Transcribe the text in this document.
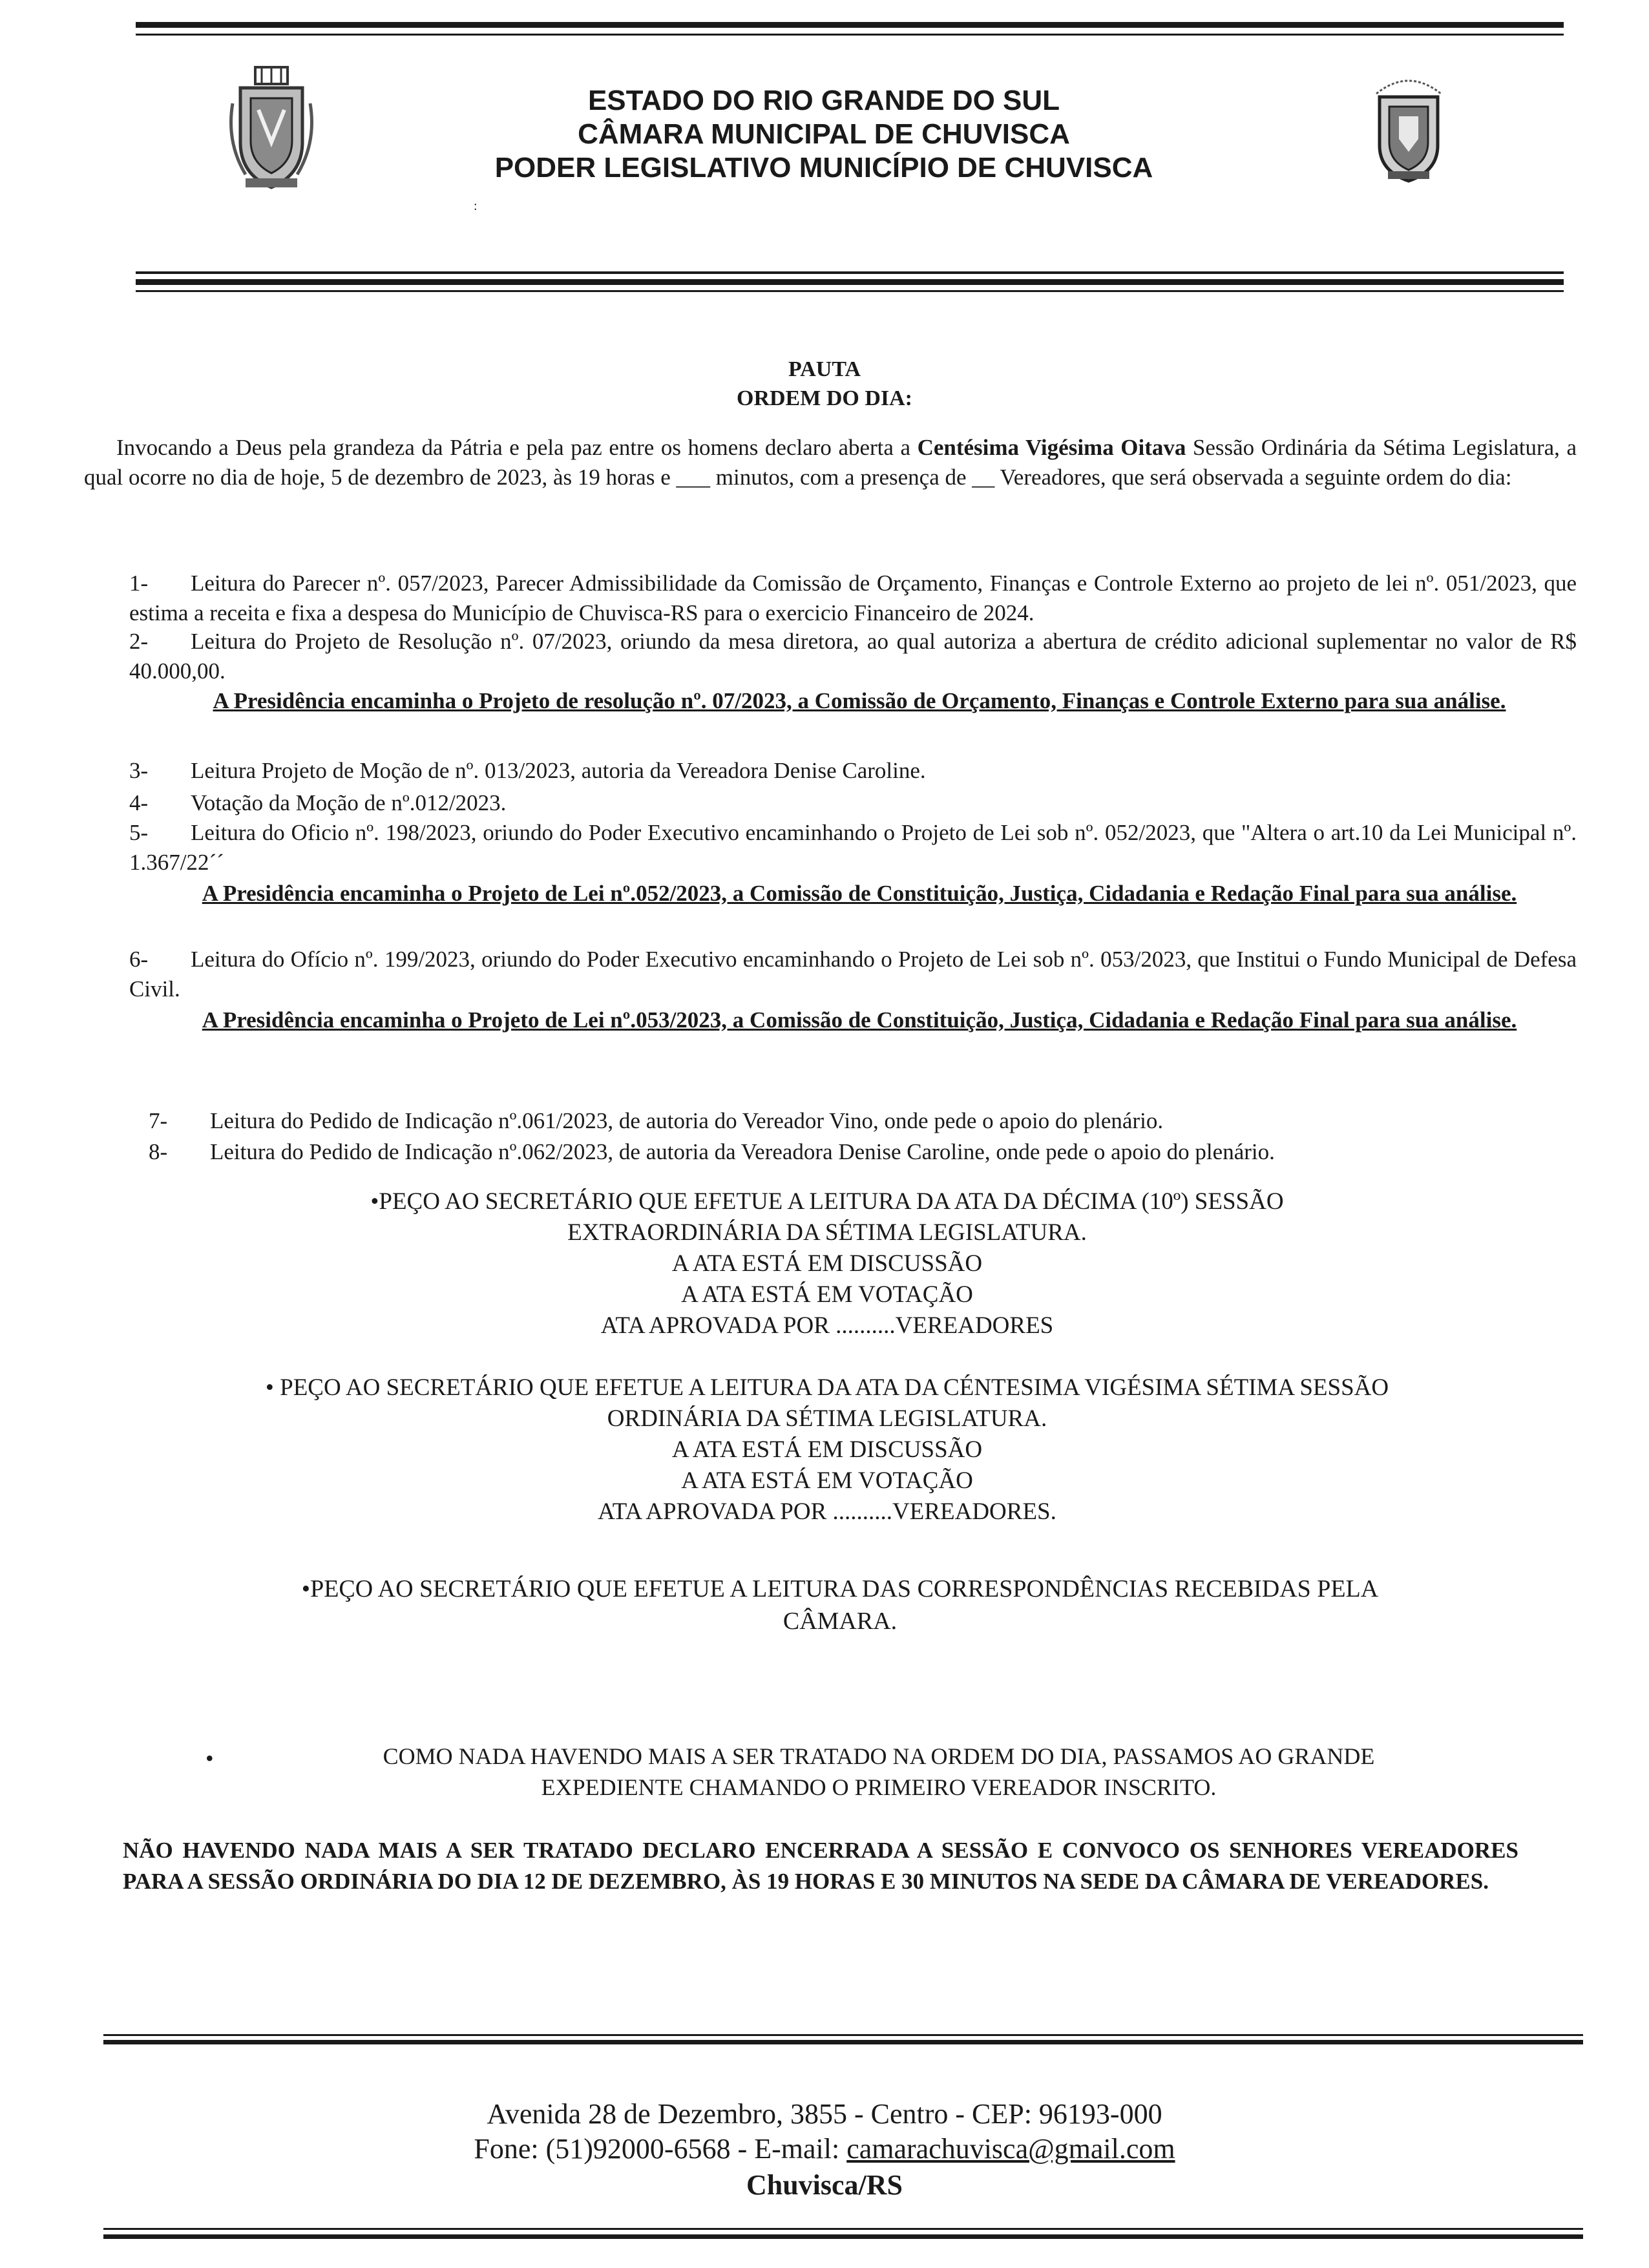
ESTADO DO RIO GRANDE DO SUL
CÂMARA MUNICIPAL DE CHUVISCA
PODER LEGISLATIVO MUNICÍPIO DE CHUVISCA
:
PAUTA
ORDEM DO DIA:
Invocando a Deus pela grandeza da Pátria e pela paz entre os homens declaro aberta a Centésima Vigésima Oitava Sessão Ordinária da Sétima Legislatura, a qual ocorre no dia de hoje, 5 de dezembro de 2023, às 19 horas e ___ minutos, com a presença de __ Vereadores, que será observada a seguinte ordem do dia:
1- Leitura do Parecer nº. 057/2023, Parecer Admissibilidade da Comissão de Orçamento, Finanças e Controle Externo ao projeto de lei nº. 051/2023, que estima a receita e fixa a despesa do Município de Chuvisca-RS para o exercicio Financeiro de 2024.
2- Leitura do Projeto de Resolução nº. 07/2023, oriundo da mesa diretora, ao qual autoriza a abertura de crédito adicional suplementar no valor de R$ 40.000,00.
A Presidência encaminha o Projeto de resolução nº. 07/2023, a Comissão de Orçamento, Finanças e Controle Externo para sua análise.
3- Leitura Projeto de Moção de nº. 013/2023, autoria da Vereadora Denise Caroline.
4- Votação da Moção de nº.012/2023.
5- Leitura do Oficio nº. 198/2023, oriundo do Poder Executivo encaminhando o Projeto de Lei sob nº. 052/2023, que "Altera o art.10 da Lei Municipal nº. 1.367/22´´
A Presidência encaminha o Projeto de Lei nº.052/2023, a Comissão de Constituição, Justiça, Cidadania e Redação Final para sua análise.
6- Leitura do Ofício nº. 199/2023, oriundo do Poder Executivo encaminhando o Projeto de Lei sob nº. 053/2023, que Institui o Fundo Municipal de Defesa Civil.
A Presidência encaminha o Projeto de Lei nº.053/2023, a Comissão de Constituição, Justiça, Cidadania e Redação Final para sua análise.
7- Leitura do Pedido de Indicação nº.061/2023, de autoria do Vereador Vino, onde pede o apoio do plenário.
8- Leitura do Pedido de Indicação nº.062/2023, de autoria da Vereadora Denise Caroline, onde pede o apoio do plenário.
•PEÇO AO SECRETÁRIO QUE EFETUE A LEITURA DA ATA DA DÉCIMA (10º) SESSÃO
EXTRAORDINÁRIA DA SÉTIMA LEGISLATURA.
A ATA ESTÁ EM DISCUSSÃO
A ATA ESTÁ EM VOTAÇÃO
ATA APROVADA POR ..........VEREADORES
• PEÇO AO SECRETÁRIO QUE EFETUE A LEITURA DA ATA DA CÉNTESIMA VIGÉSIMA SÉTIMA SESSÃO
ORDINÁRIA DA SÉTIMA LEGISLATURA.
A ATA ESTÁ EM DISCUSSÃO
A ATA ESTÁ EM VOTAÇÃO
ATA APROVADA POR ..........VEREADORES.
•PEÇO AO SECRETÁRIO QUE EFETUE A LEITURA DAS CORRESPONDÊNCIAS RECEBIDAS PELA
CÂMARA.
•	COMO NADA HAVENDO MAIS A SER TRATADO NA ORDEM DO DIA, PASSAMOS AO GRANDE
EXPEDIENTE CHAMANDO O PRIMEIRO VEREADOR INSCRITO.
NÃO HAVENDO NADA MAIS A SER TRATADO DECLARO ENCERRADA A SESSÃO E CONVOCO OS SENHORES VEREADORES PARA A SESSÃO ORDINÁRIA DO DIA 12 DE DEZEMBRO, ÀS 19 HORAS E 30 MINUTOS NA SEDE DA CÂMARA DE VEREADORES.
Avenida 28 de Dezembro, 3855 - Centro - CEP: 96193-000
Fone: (51)92000-6568 - E-mail: camarachuvisca@gmail.com
Chuvisca/RS
